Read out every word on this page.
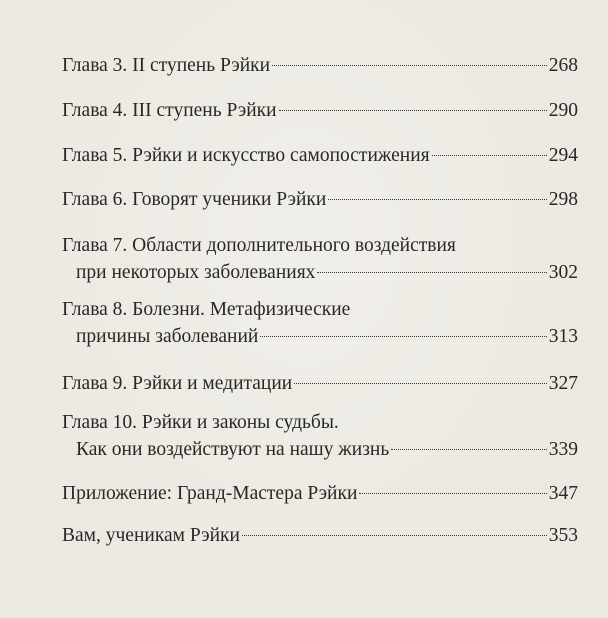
Глава 3. II ступень Рэйки	268
Глава 4. III ступень Рэйки	290
Глава 5. Рэйки и искусство самопостижения	294
Глава 6. Говорят ученики Рэйки	298
Глава 7. Области дополнительного воздействия
при некоторых заболеваниях	302
Глава 8. Болезни. Метафизические
причины заболеваний	313
Глава 9. Рэйки и медитации	327
Глава 10. Рэйки и законы судьбы.
Как они воздействуют на нашу жизнь	339
Приложение: Гранд-Мастера Рэйки	347
Вам, ученикам Рэйки	353
